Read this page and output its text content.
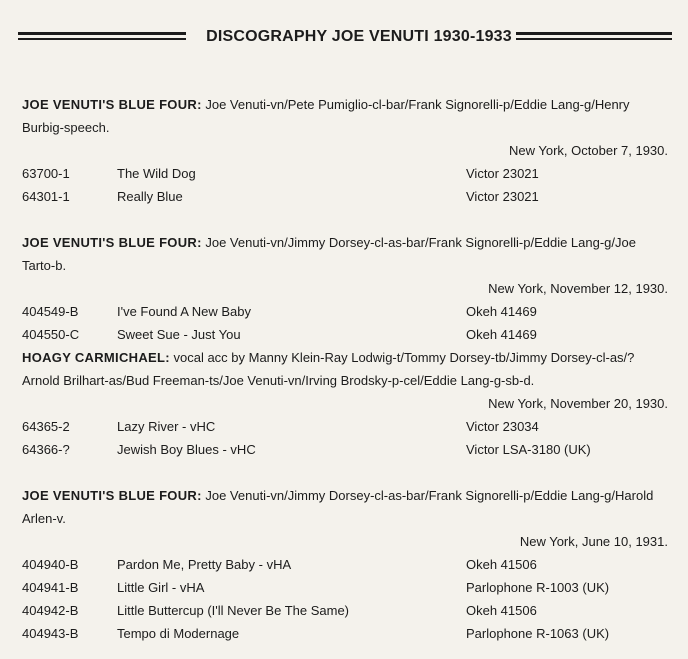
DISCOGRAPHY JOE VENUTI 1930-1933
JOE VENUTI'S BLUE FOUR: Joe Venuti-vn/Pete Pumiglio-cl-bar/Frank Signorelli-p/Eddie Lang-g/Henry Burbig-speech.
New York, October 7, 1930.
63700-1	The Wild Dog	Victor 23021
64301-1	Really Blue	Victor 23021
JOE VENUTI'S BLUE FOUR: Joe Venuti-vn/Jimmy Dorsey-cl-as-bar/Frank Signorelli-p/Eddie Lang-g/Joe Tarto-b.
New York, November 12, 1930.
404549-B	I've Found A New Baby	Okeh 41469
404550-C	Sweet Sue - Just You	Okeh 41469
HOAGY CARMICHAEL: vocal acc by Manny Klein-Ray Lodwig-t/Tommy Dorsey-tb/Jimmy Dorsey-cl-as/? Arnold Brilhart-as/Bud Freeman-ts/Joe Venuti-vn/Irving Brodsky-p-cel/Eddie Lang-g-sb-d.
New York, November 20, 1930.
64365-2	Lazy River - vHC	Victor 23034
64366-?	Jewish Boy Blues - vHC	Victor LSA-3180 (UK)
JOE VENUTI'S BLUE FOUR: Joe Venuti-vn/Jimmy Dorsey-cl-as-bar/Frank Signorelli-p/Eddie Lang-g/Harold Arlen-v.
New York, June 10, 1931.
404940-B	Pardon Me, Pretty Baby - vHA	Okeh 41506
404941-B	Little Girl - vHA	Parlophone R-1003 (UK)
404942-B	Little Buttercup (I'll Never Be The Same)	Okeh 41506
404943-B	Tempo di Modernage	Parlophone R-1063 (UK)
